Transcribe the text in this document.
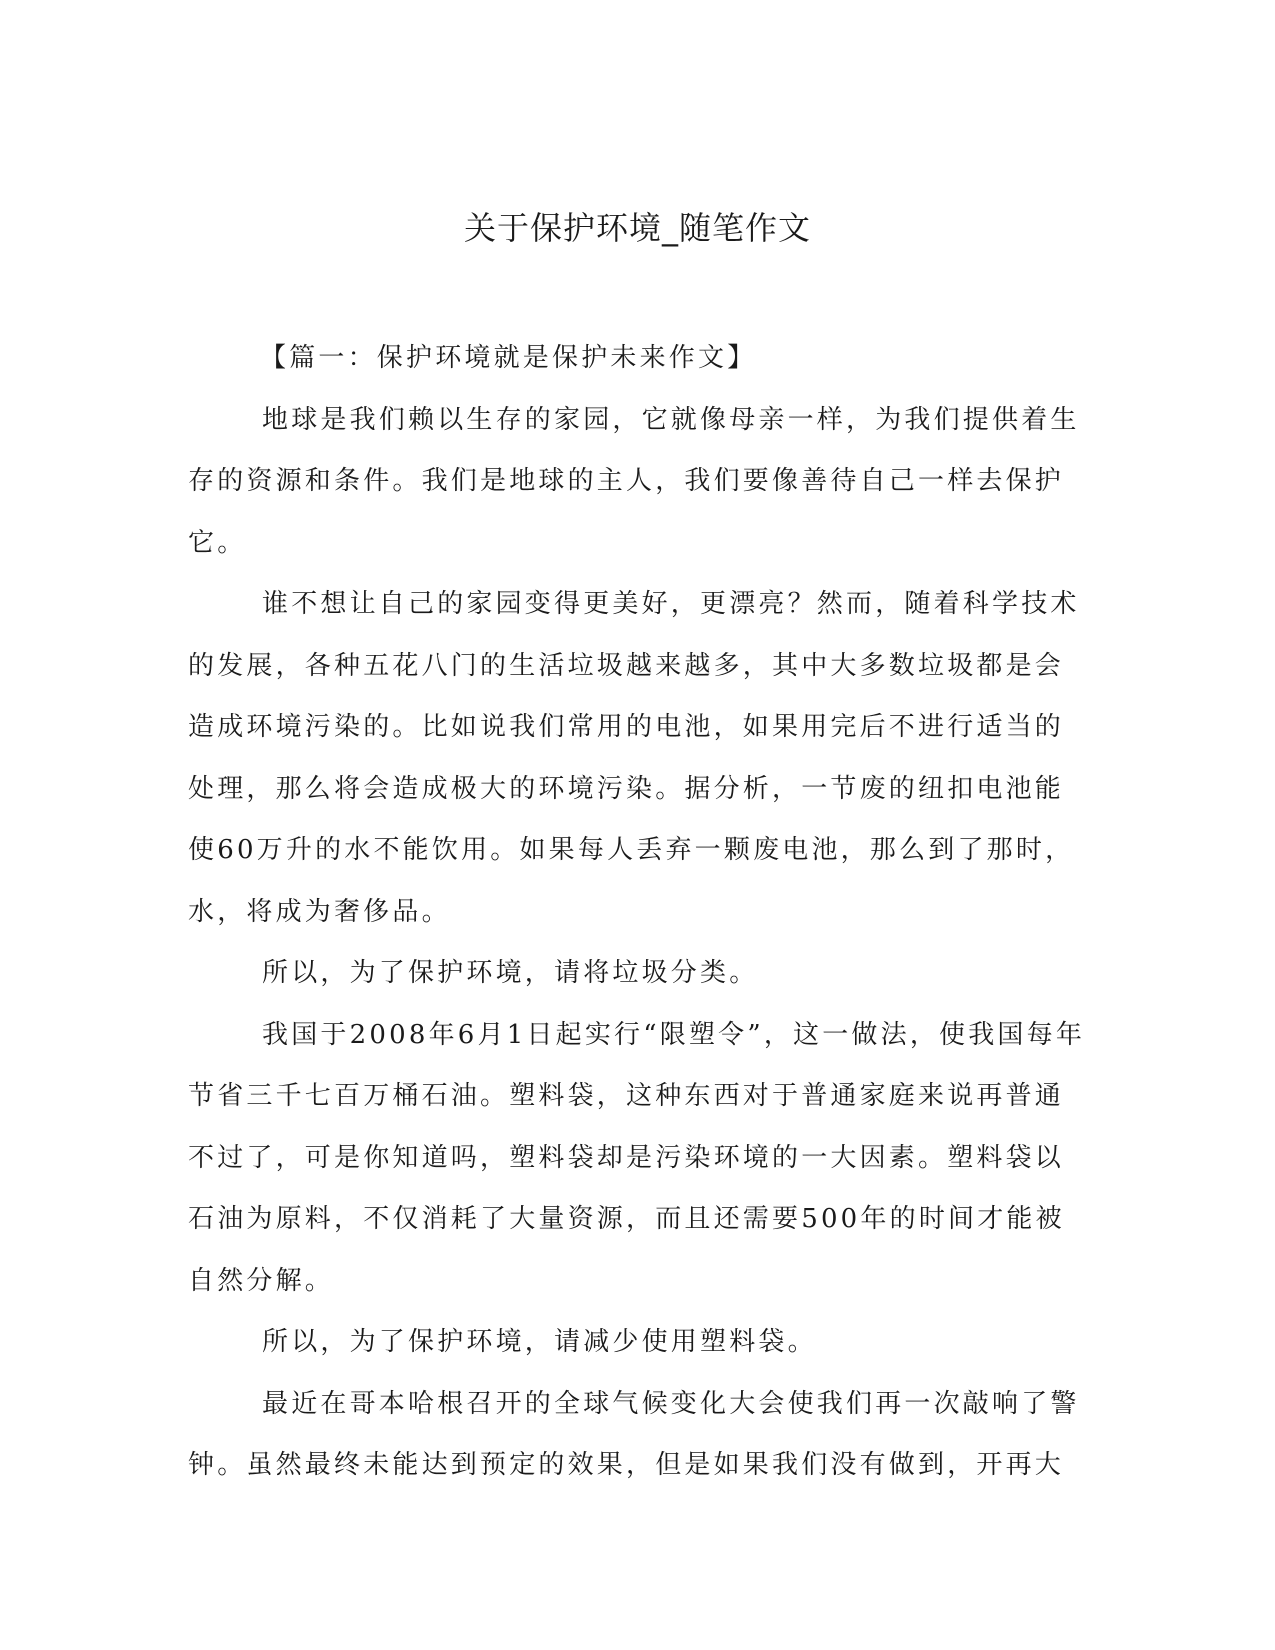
关于保护环境_随笔作文

【篇一：保护环境就是保护未来作文】

地球是我们赖以生存的家园，它就像母亲一样，为我们提供着生存的资源和条件。我们是地球的主人，我们要像善待自己一样去保护它。

谁不想让自己的家园变得更美好，更漂亮？然而，随着科学技术的发展，各种五花八门的生活垃圾越来越多，其中大多数垃圾都是会造成环境污染的。比如说我们常用的电池，如果用完后不进行适当的处理，那么将会造成极大的环境污染。据分析，一节废的纽扣电池能使60万升的水不能饮用。如果每人丢弃一颗废电池，那么到了那时，水，将成为奢侈品。

所以，为了保护环境，请将垃圾分类。

我国于2008年6月1日起实行“限塑令”，这一做法，使我国每年节省三千七百万桶石油。塑料袋，这种东西对于普通家庭来说再普通不过了，可是你知道吗，塑料袋却是污染环境的一大因素。塑料袋以石油为原料，不仅消耗了大量资源，而且还需要500年的时间才能被自然分解。

所以，为了保护环境，请减少使用塑料袋。

最近在哥本哈根召开的全球气候变化大会使我们再一次敲响了警钟。虽然最终未能达到预定的效果，但是如果我们没有做到，开再大
